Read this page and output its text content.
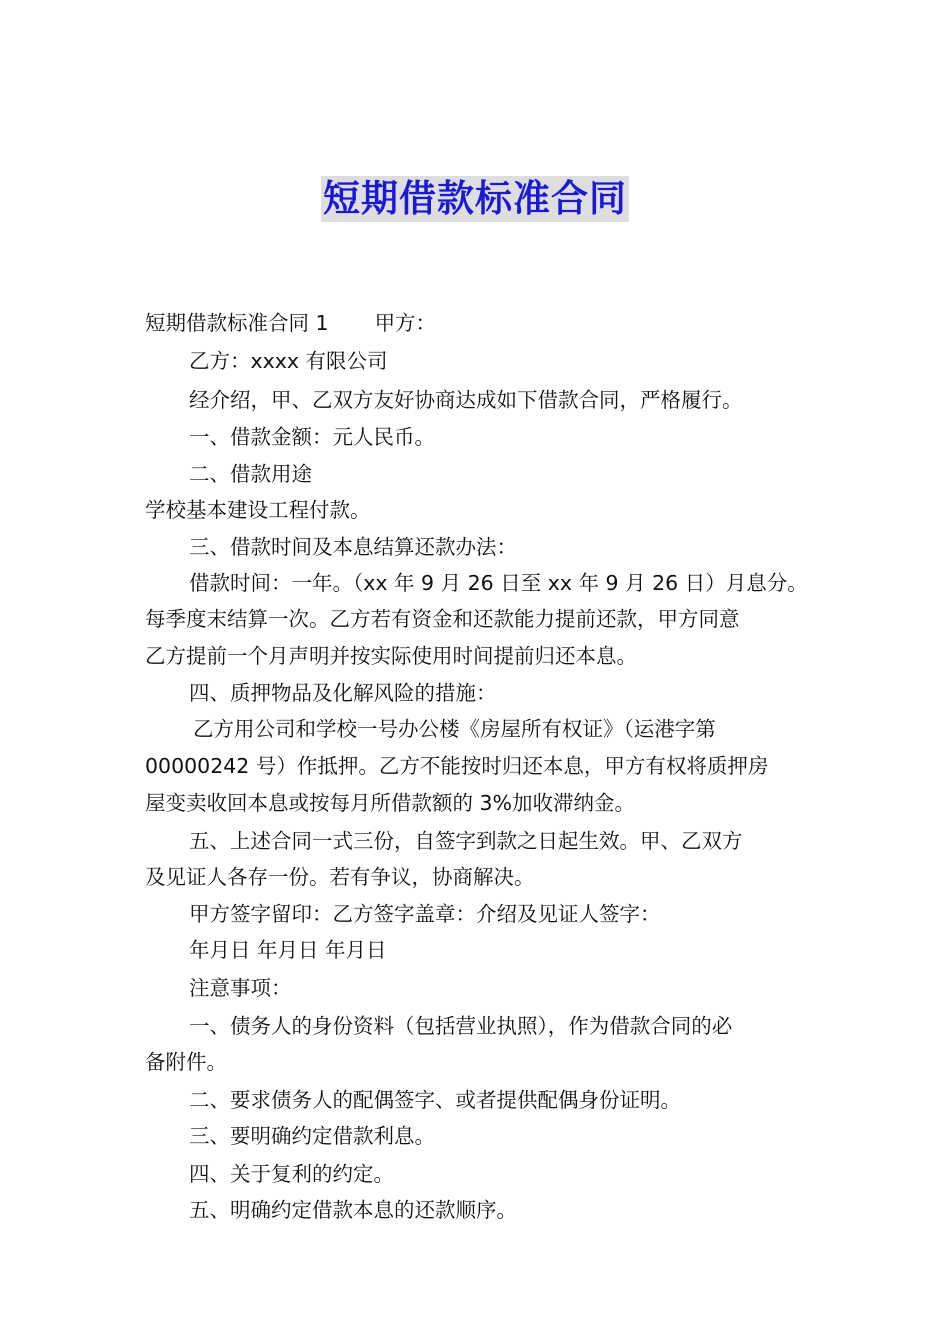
短期借款标准合同

短期借款标准合同 1 甲方：

乙方：xxxx 有限公司

经介绍，甲、乙双方友好协商达成如下借款合同，严格履行。

一、借款金额：元人民币。

二、借款用途

学校基本建设工程付款。

三、借款时间及本息结算还款办法：

借款时间：一年。（xx 年 9 月 26 日至 xx 年 9 月 26 日）月息分。

每季度末结算一次。乙方若有资金和还款能力提前还款，甲方同意

乙方提前一个月声明并按实际使用时间提前归还本息。

四、质押物品及化解风险的措施：

乙方用公司和学校一号办公楼《房屋所有权证》（运港字第

00000242 号）作抵押。乙方不能按时归还本息，甲方有权将质押房

屋变卖收回本息或按每月所借款额的 3%加收滞纳金。

五、上述合同一式三份，自签字到款之日起生效。甲、乙双方

及见证人各存一份。若有争议，协商解决。

甲方签字留印：乙方签字盖章：介绍及见证人签字：

年月日 年月日 年月日

注意事项：

一、债务人的身份资料（包括营业执照），作为借款合同的必

备附件。

二、要求债务人的配偶签字、或者提供配偶身份证明。

三、要明确约定借款利息。

四、关于复利的约定。

五、明确约定借款本息的还款顺序。
